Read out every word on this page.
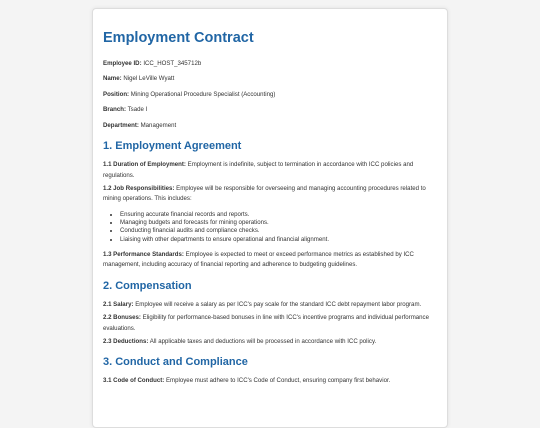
Employment Contract

Employee ID: ICC_HOST_345712b

Name: Nigel LeVille Wyatt

Position: Mining Operational Procedure Specialist (Accounting)

Branch: Tsade I

Department: Management

1. Employment Agreement

1.1 Duration of Employment: Employment is indefinite, subject to termination in accordance with ICC policies and regulations.

1.2 Job Responsibilities: Employee will be responsible for overseeing and managing accounting procedures related to mining operations. This includes:

• Ensuring accurate financial records and reports.
• Managing budgets and forecasts for mining operations.
• Conducting financial audits and compliance checks.
• Liaising with other departments to ensure operational and financial alignment.

1.3 Performance Standards: Employee is expected to meet or exceed performance metrics as established by ICC management, including accuracy of financial reporting and adherence to budgeting guidelines.

2. Compensation

2.1 Salary: Employee will receive a salary as per ICC's pay scale for the standard ICC debt repayment labor program.

2.2 Bonuses: Eligibility for performance-based bonuses in line with ICC's incentive programs and individual performance evaluations.

2.3 Deductions: All applicable taxes and deductions will be processed in accordance with ICC policy.

3. Conduct and Compliance

3.1 Code of Conduct: Employee must adhere to ICC's Code of Conduct, ensuring company first behavior.
